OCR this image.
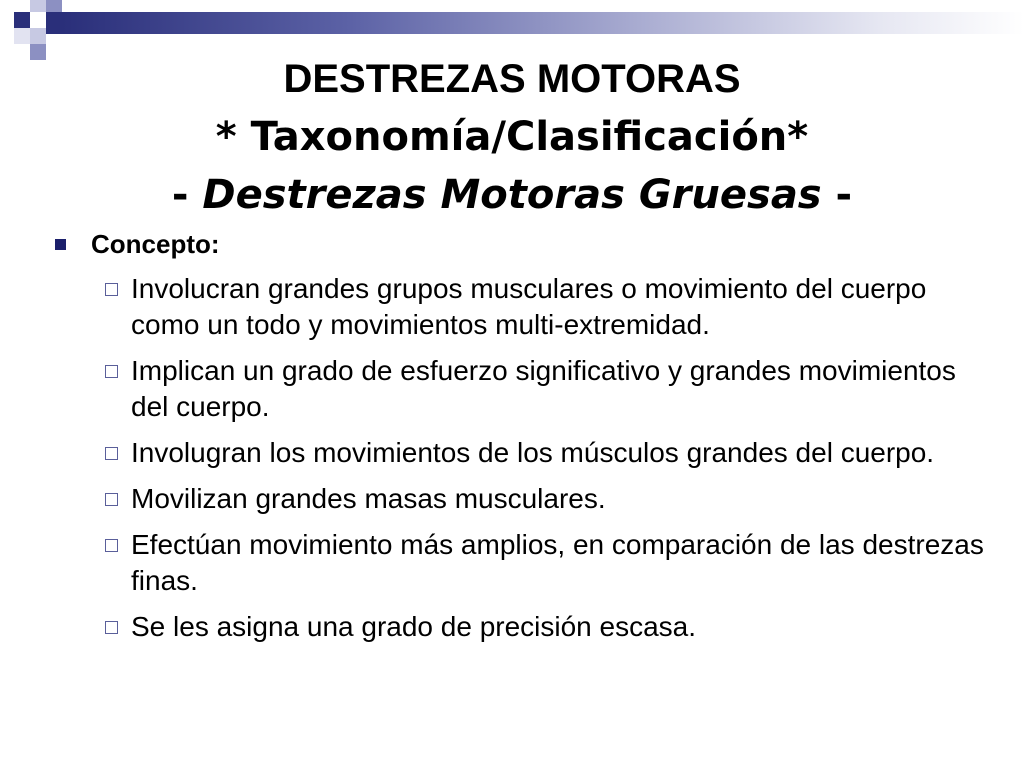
DESTREZAS MOTORAS
* Taxonomía/Clasificación*
- Destrezas Motoras Gruesas -
Concepto:
Involucran grandes grupos musculares o movimiento del cuerpo como un todo y movimientos multi-extremidad.
Implican un grado de esfuerzo significativo y grandes movimientos del cuerpo.
Involugran los movimientos de los músculos grandes del cuerpo.
Movilizan grandes masas musculares.
Efectúan movimiento más amplios, en comparación de las destrezas finas.
Se les asigna una grado de precisión escasa.
